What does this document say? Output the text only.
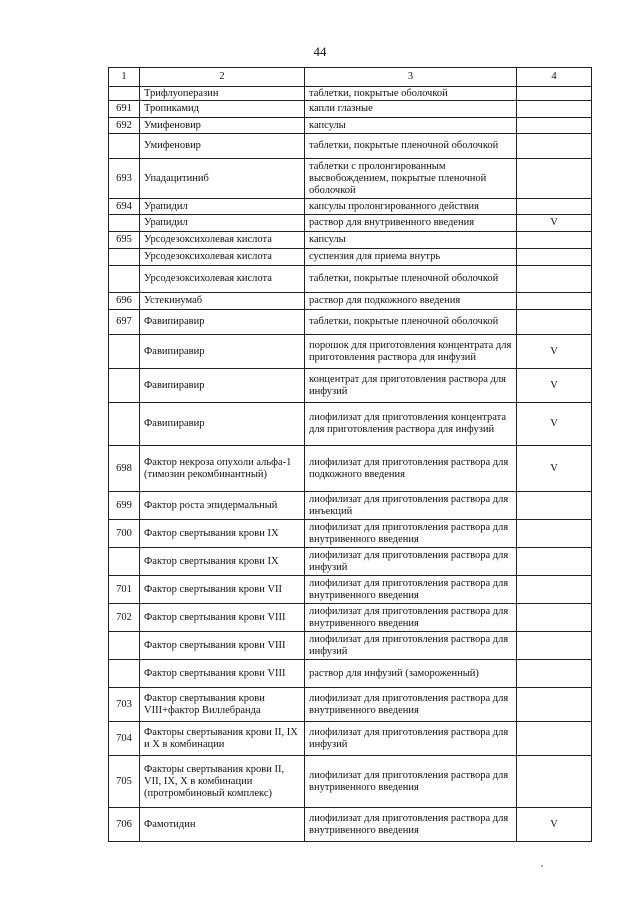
44
1	2	3	4
	Трифлуоперазин	таблетки, покрытые оболочкой	
691	Тропикамид	капли глазные	
692	Умифеновир	капсулы	
	Умифеновир	таблетки, покрытые пленочной оболочкой	
693	Упадацитиниб	таблетки с пролонгированным высвобождением, покрытые пленочной оболочкой	
694	Урапидил	капсулы пролонгированного действия	
	Урапидил	раствор для внутривенного введения	V
695	Урсодезоксихолевая кислота	капсулы	
	Урсодезоксихолевая кислота	суспензия для приема внутрь	
	Урсодезоксихолевая кислота	таблетки, покрытые пленочной оболочкой	
696	Устекинумаб	раствор для подкожного введения	
697	Фавипиравир	таблетки, покрытые пленочной оболочкой	
	Фавипиравир	порошок для приготовления концентрата для приготовления раствора для инфузий	V
	Фавипиравир	концентрат для приготовления раствора для инфузий	V
	Фавипиравир	лиофилизат для приготовления концентрата для приготовления раствора для инфузий	V
698	Фактор некроза опухоли альфа-1 (тимозин рекомбинантный)	лиофилизат для приготовления раствора для подкожного введения	V
699	Фактор роста эпидермальный	лиофилизат для приготовления раствора для инъекций	
700	Фактор свертывания крови IX	лиофилизат для приготовления раствора для внутривенного введения	
	Фактор свертывания крови IX	лиофилизат для приготовления раствора для инфузий	
701	Фактор свертывания крови VII	лиофилизат для приготовления раствора для внутривенного введения	
702	Фактор свертывания крови VIII	лиофилизат для приготовления раствора для внутривенного введения	
	Фактор свертывания крови VIII	лиофилизат для приготовления раствора для инфузий	
	Фактор свертывания крови VIII	раствор для инфузий (замороженный)	
703	Фактор свертывания крови VIII+фактор Виллебранда	лиофилизат для приготовления раствора для внутривенного введения	
704	Факторы свертывания крови II, IX и X в комбинации	лиофилизат для приготовления раствора для инфузий	
705	Факторы свертывания крови II, VII, IX, X в комбинации (протромбиновый комплекс)	лиофилизат для приготовления раствора для внутривенного введения	
706	Фамотидин	лиофилизат для приготовления раствора для внутривенного введения	V
